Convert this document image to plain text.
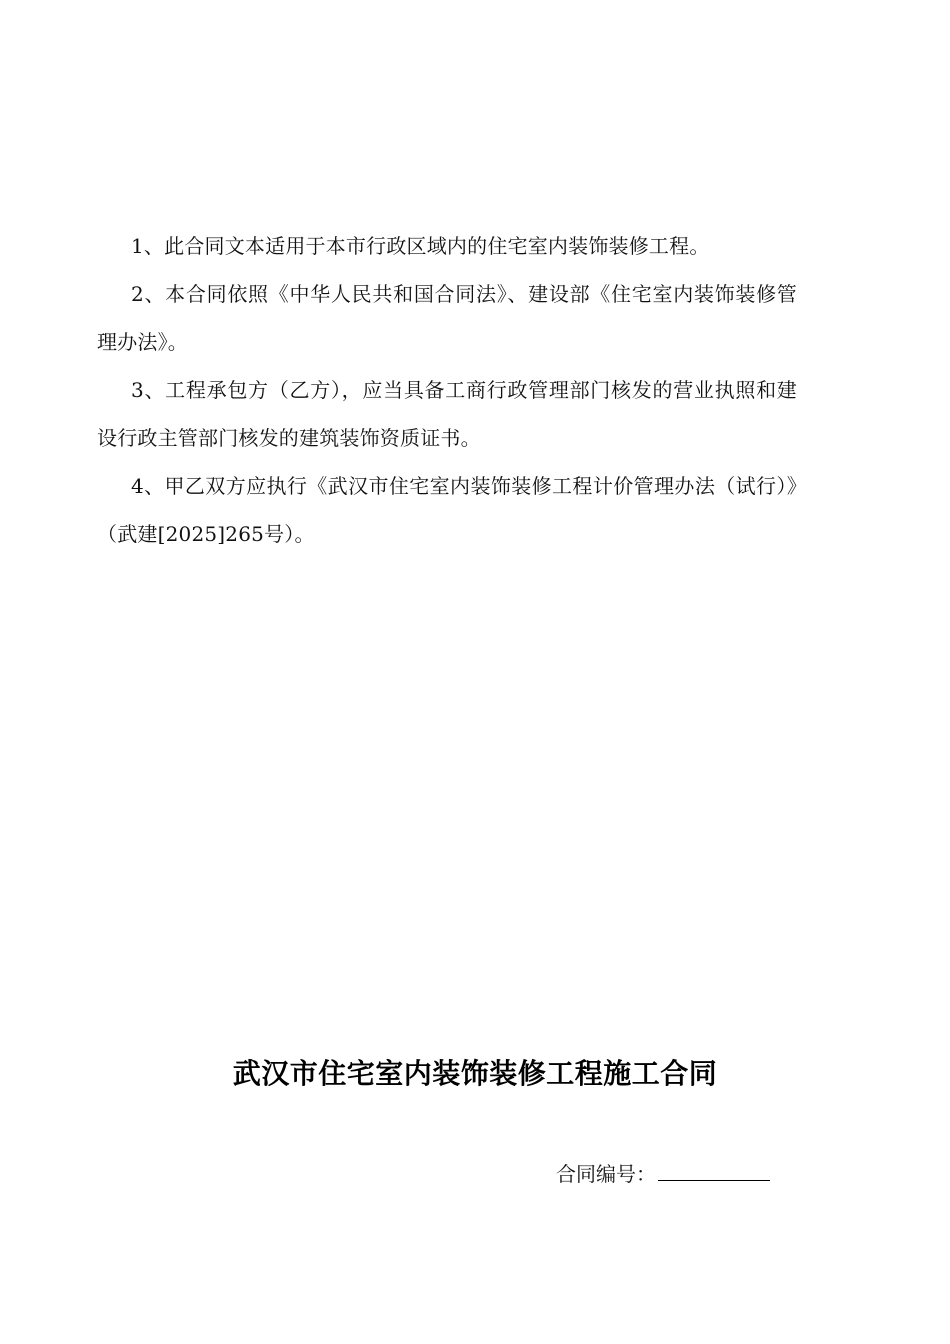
1、此合同文本适用于本市行政区域内的住宅室内装饰装修工程。

2、本合同依照《中华人民共和国合同法》、建设部《住宅室内装饰装修管理办法》。

3、工程承包方（乙方），应当具备工商行政管理部门核发的营业执照和建设行政主管部门核发的建筑装饰资质证书。

4、甲乙双方应执行《武汉市住宅室内装饰装修工程计价管理办法（试行）》（武建[2025]265号）。

武汉市住宅室内装饰装修工程施工合同
合同编号：
